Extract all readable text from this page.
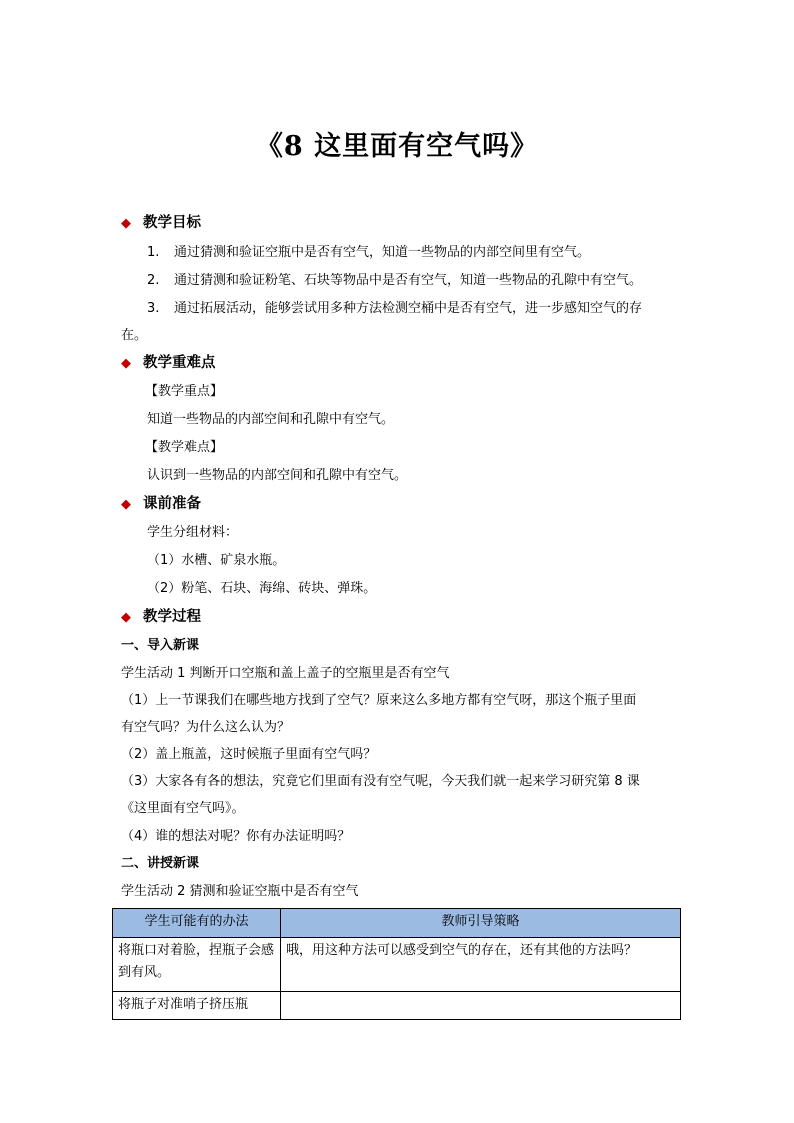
《8 这里面有空气吗》
◆ 教学目标
1. 通过猜测和验证空瓶中是否有空气，知道一些物品的内部空间里有空气。
2. 通过猜测和验证粉笔、石块等物品中是否有空气，知道一些物品的孔隙中有空气。
3. 通过拓展活动，能够尝试用多种方法检测空桶中是否有空气，进一步感知空气的存
在。
◆ 教学重难点
【教学重点】
知道一些物品的内部空间和孔隙中有空气。
【教学难点】
认识到一些物品的内部空间和孔隙中有空气。
◆ 课前准备
学生分组材料：
（1）水槽、矿泉水瓶。
（2）粉笔、石块、海绵、砖块、弹珠。
◆ 教学过程
一、导入新课
学生活动 1 判断开口空瓶和盖上盖子的空瓶里是否有空气
（1）上一节课我们在哪些地方找到了空气？原来这么多地方都有空气呀，那这个瓶子里面
有空气吗？为什么这么认为？
（2）盖上瓶盖，这时候瓶子里面有空气吗？
（3）大家各有各的想法，究竟它们里面有没有空气呢，今天我们就一起来学习研究第 8 课
《这里面有空气吗》。
（4）谁的想法对呢？你有办法证明吗？
二、讲授新课
学生活动 2 猜测和验证空瓶中是否有空气
学生可能有的办法	教师引导策略
将瓶口对着脸，捏瓶子会感到有风。	哦，用这种方法可以感受到空气的存在，还有其他的方法吗？
将瓶子对准哨子挤压瓶	
